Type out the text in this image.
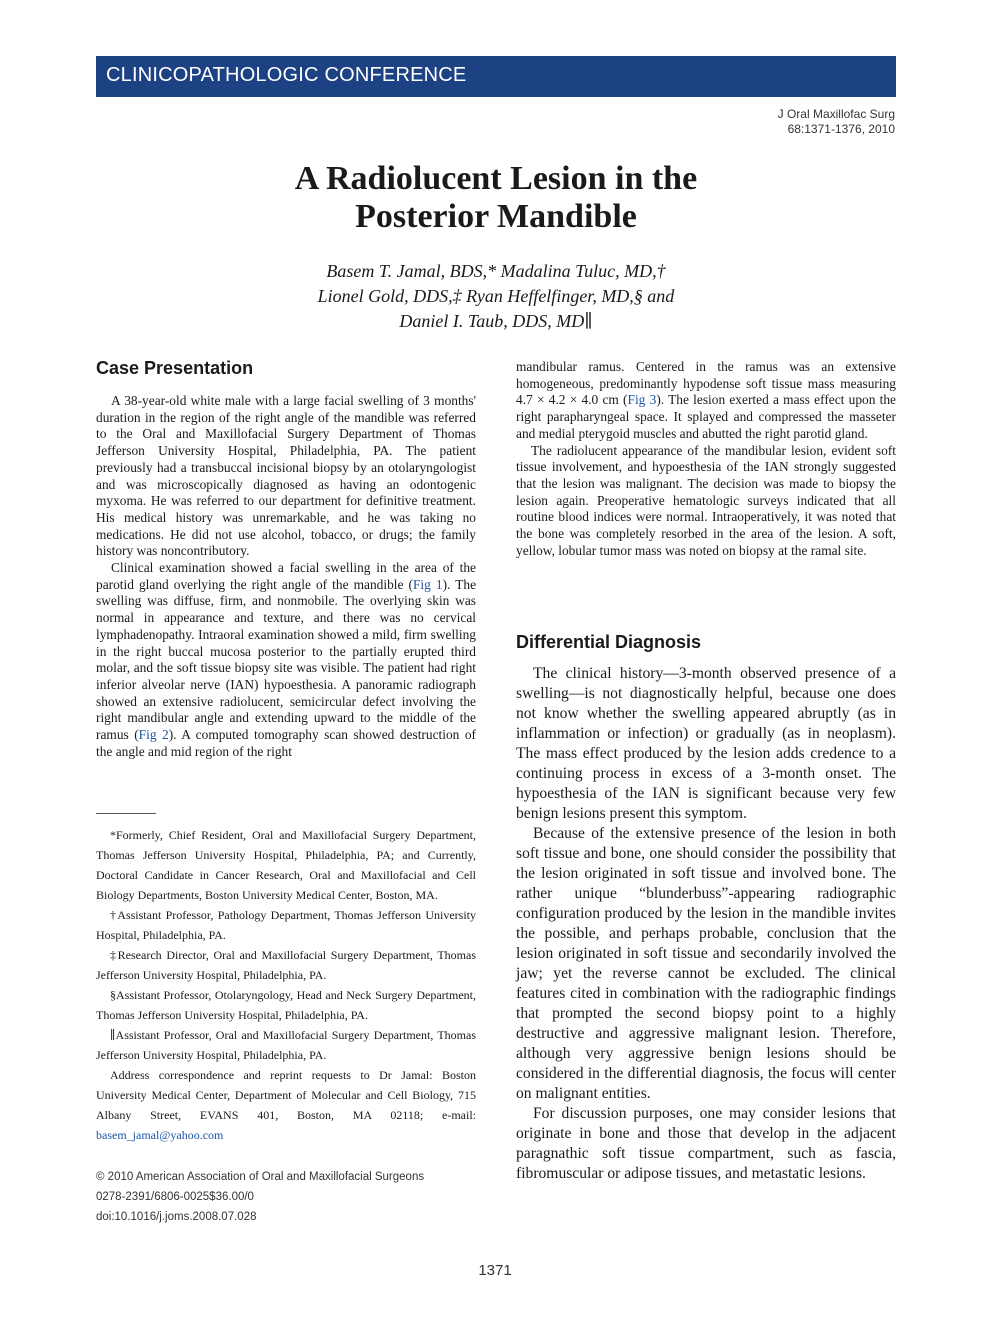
CLINICOPATHOLOGIC CONFERENCE
J Oral Maxillofac Surg
68:1371-1376, 2010
A Radiolucent Lesion in the
Posterior Mandible
Basem T. Jamal, BDS,* Madalina Tuluc, MD,†
Lionel Gold, DDS,‡ Ryan Heffelfinger, MD,§ and
Daniel I. Taub, DDS, MD∥
Case Presentation

A 38-year-old white male with a large facial swelling of 3 months' duration in the region of the right angle of the mandible was referred to the Oral and Maxillofacial Surgery Department of Thomas Jefferson University Hospital, Philadelphia, PA. The patient previously had a transbuccal incisional biopsy by an otolaryngologist and was microscopically diagnosed as having an odontogenic myxoma. He was referred to our department for definitive treatment. His medical history was unremarkable, and he was taking no medications. He did not use alcohol, tobacco, or drugs; the family history was noncontributory.

Clinical examination showed a facial swelling in the area of the parotid gland overlying the right angle of the mandible (Fig 1). The swelling was diffuse, firm, and nonmobile. The overlying skin was normal in appearance and texture, and there was no cervical lymphadenopathy. Intraoral examination showed a mild, firm swelling in the right buccal mucosa posterior to the partially erupted third molar, and the soft tissue biopsy site was visible. The patient had right inferior alveolar nerve (IAN) hypoesthesia. A panoramic radiograph showed an extensive radiolucent, semicircular defect involving the right mandibular angle and extending upward to the middle of the ramus (Fig 2). A computed tomography scan showed destruction of the angle and mid region of the right

*Formerly, Chief Resident, Oral and Maxillofacial Surgery Department, Thomas Jefferson University Hospital, Philadelphia, PA; and Currently, Doctoral Candidate in Cancer Research, Oral and Maxillofacial and Cell Biology Departments, Boston University Medical Center, Boston, MA.

†Assistant Professor, Pathology Department, Thomas Jefferson University Hospital, Philadelphia, PA.

‡Research Director, Oral and Maxillofacial Surgery Department, Thomas Jefferson University Hospital, Philadelphia, PA.

§Assistant Professor, Otolaryngology, Head and Neck Surgery Department, Thomas Jefferson University Hospital, Philadelphia, PA.

∥Assistant Professor, Oral and Maxillofacial Surgery Department, Thomas Jefferson University Hospital, Philadelphia, PA.

Address correspondence and reprint requests to Dr Jamal: Boston University Medical Center, Department of Molecular and Cell Biology, 715 Albany Street, EVANS 401, Boston, MA 02118; e-mail: basem_jamal@yahoo.com

© 2010 American Association of Oral and Maxillofacial Surgeons
0278-2391/6806-0025$36.00/0
doi:10.1016/j.joms.2008.07.028

mandibular ramus. Centered in the ramus was an extensive homogeneous, predominantly hypodense soft tissue mass measuring 4.7 × 4.2 × 4.0 cm (Fig 3). The lesion exerted a mass effect upon the right parapharyngeal space. It splayed and compressed the masseter and medial pterygoid muscles and abutted the right parotid gland.

The radiolucent appearance of the mandibular lesion, evident soft tissue involvement, and hypoesthesia of the IAN strongly suggested that the lesion was malignant. The decision was made to biopsy the lesion again. Preoperative hematologic surveys indicated that all routine blood indices were normal. Intraoperatively, it was noted that the bone was completely resorbed in the area of the lesion. A soft, yellow, lobular tumor mass was noted on biopsy at the ramal site.

Differential Diagnosis

The clinical history—3-month observed presence of a swelling—is not diagnostically helpful, because one does not know whether the swelling appeared abruptly (as in inflammation or infection) or gradually (as in neoplasm). The mass effect produced by the lesion adds credence to a continuing process in excess of a 3-month onset. The hypoesthesia of the IAN is significant because very few benign lesions present this symptom.

Because of the extensive presence of the lesion in both soft tissue and bone, one should consider the possibility that the lesion originated in soft tissue and involved bone. The rather unique “blunderbuss”-appearing radiographic configuration produced by the lesion in the mandible invites the possible, and perhaps probable, conclusion that the lesion originated in soft tissue and secondarily involved the jaw; yet the reverse cannot be excluded. The clinical features cited in combination with the radiographic findings that prompted the second biopsy point to a highly destructive and aggressive malignant lesion. Therefore, although very aggressive benign lesions should be considered in the differential diagnosis, the focus will center on malignant entities.

For discussion purposes, one may consider lesions that originate in bone and those that develop in the adjacent paragnathic soft tissue compartment, such as fascia, fibromuscular or adipose tissues, and metastatic lesions.

1371
